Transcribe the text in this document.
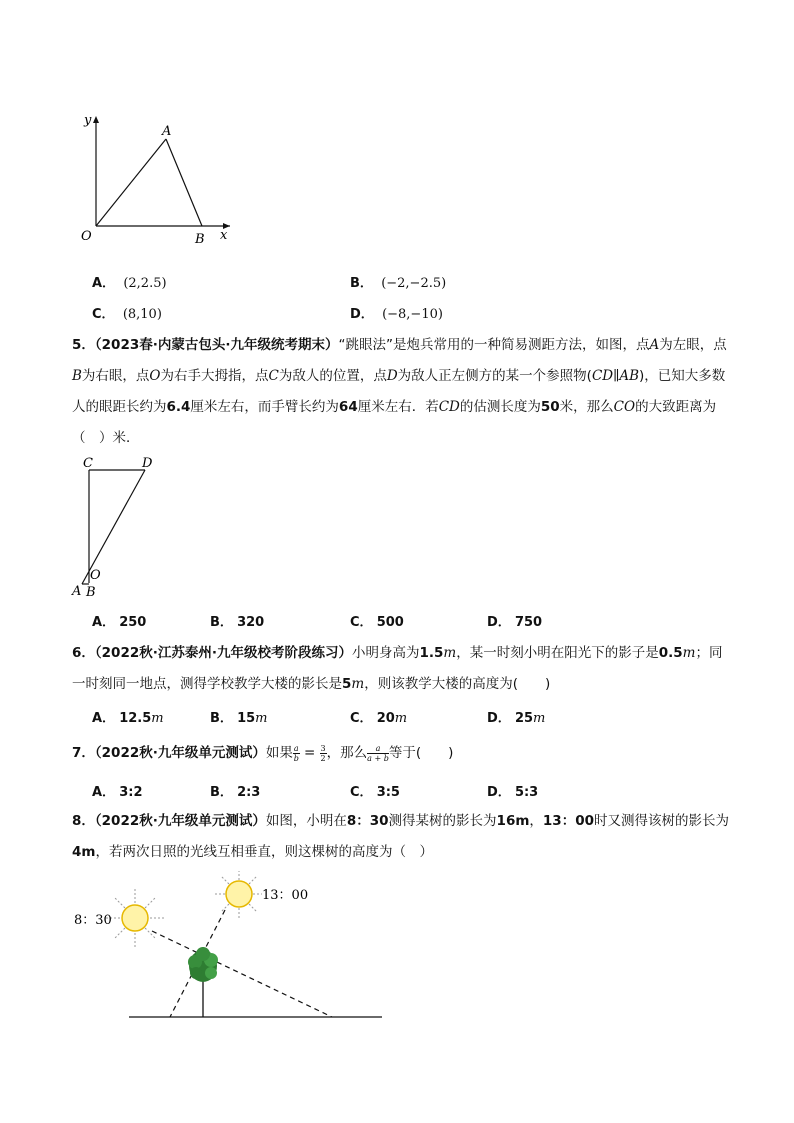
y
A
O	B x
A． (2,2.5)	B． (−2,−2.5)
C． (8,10)	D． (−8,−10)
5．（2023春·内蒙古包头·九年级统考期末）“跳眼法”是炮兵常用的一种简易测距方法，如图，点A为左眼，点B为右眼，点O为右手大拇指，点C为敌人的位置，点D为敌人正左侧方的某一个参照物(CD∥AB)，已知大多数人的眼距长约为6.4厘米左右，而手臂长约为64厘米左右．若CD的估测长度为50米，那么CO的大致距离为（　）米．
C	D
O
A B
A． 250	B． 320	C． 500	D． 750
6．（2022秋·江苏泰州·九年级校考阶段练习）小明身高为1.5m，某一时刻小明在阳光下的影子是0.5m；同一时刻同一地点，测得学校教学大楼的影长是5m，则该教学大楼的高度为(　　)
A． 12.5m	B． 15m	C． 20m	D． 25m
7．（2022秋·九年级单元测试）如果 $\frac{a}{b} = \frac{3}{2}$ ，那么 $\frac{a}{a + b}$ 等于(　　)
A． 3:2	B． 2:3	C． 3:5	D． 5:3
8．（2022秋·九年级单元测试）如图，小明在8：30测得某树的影长为16m，13：00时又测得该树的影长为4m，若两次日照的光线互相垂直，则这棵树的高度为（　）
8：30
13：00
